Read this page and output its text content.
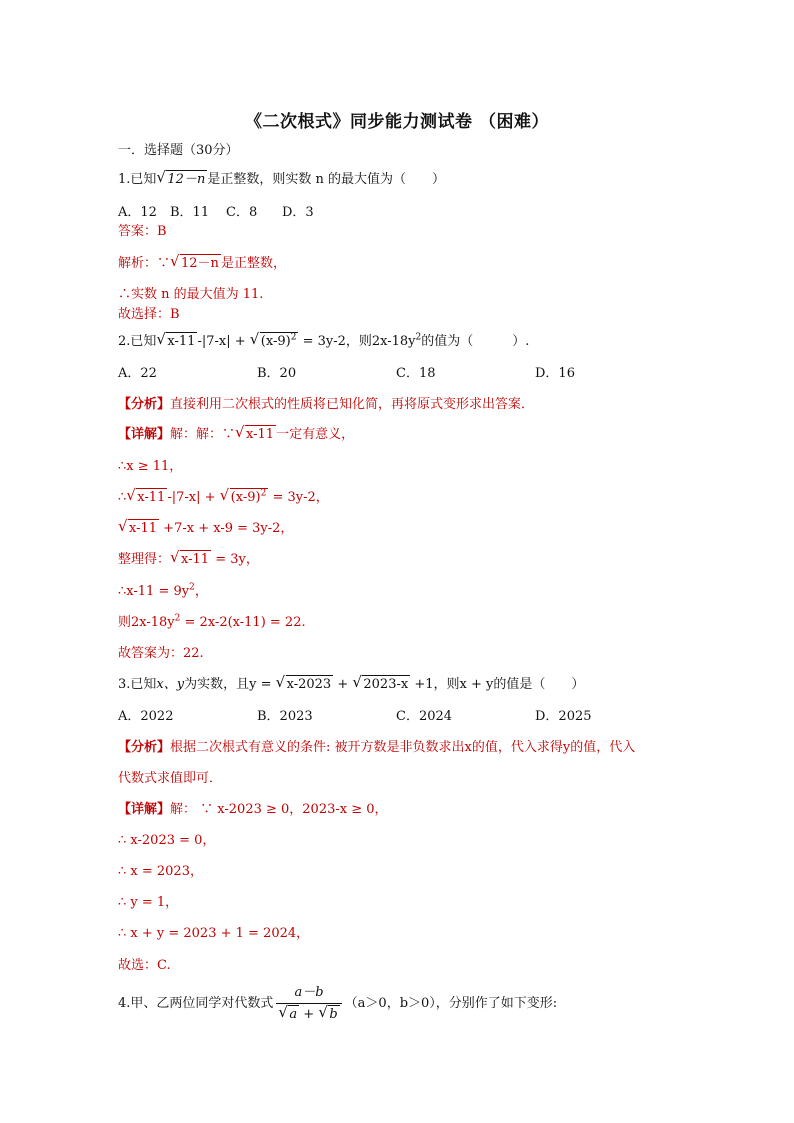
《二次根式》同步能力测试卷 （困难）
一．选择题（30分）
1.已知 √ 12－n 是正整数，则实数 n 的最大值为（　　）
A．12 B．11 C．8 D．3
答案：B
解析：∵ √ 12－n 是正整数，
∴实数 n 的最大值为 11.
故选择：B
2.已知 √ x-11 -|7-x| + √ $(x-9)^2 = 3y-2$，则$2x-18y^2$的值为（　　　）.
A．22	B．20	C．18	D．16
【分析】直接利用二次根式的性质将已知化简，再将原式变形求出答案．
【详解】解：解：∵ √ x-11 一定有意义，
∴x ≥ 11，
∴ √ x-11 -|7-x| + √ $(x-9)^2 = 3y-2$，
√ x-11 +7-x + x-9 = 3y-2，
整理得： √ x-11 = 3y，
∴x-11 = $9y^2$，
则$2x-18y^2 = 2x-2(x-11) = 22$.
故答案为：22.
3.已知x、y为实数，且y = √ x-2023 + √ 2023-x +1，则x + y的值是（　　）
A．2022	B．2023	C．2024	D．2025
【分析】根据二次根式有意义的条件: 被开方数是非负数求出x的值，代入求得y的值，代入
代数式求值即可．
【详解】解： ∵ x-2023 ≥ 0，2023-x ≥ 0，
∴ x-2023 = 0，
∴ x = 2023，
∴ y = 1，
∴ x + y = 2023 + 1 = 2024，
故选：C.
4.甲、乙两位同学对代数式 a－b
√ a + √ b （a＞0，b＞0），分别作了如下变形:
